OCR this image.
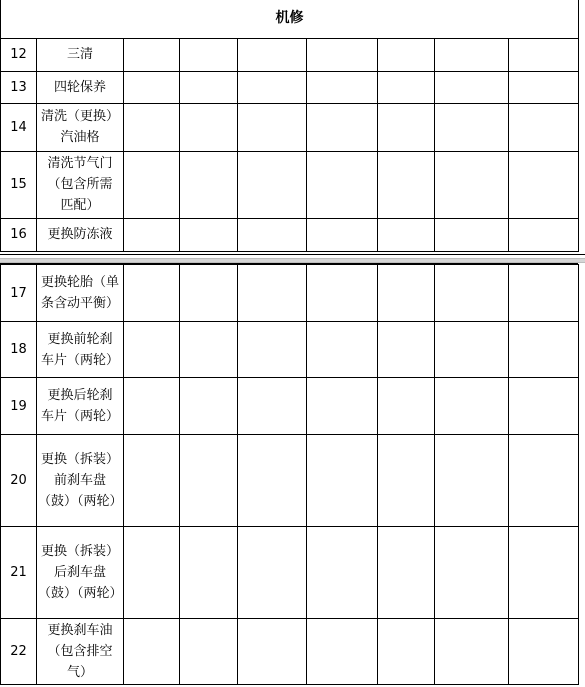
机修								
12	三清							

13	四轮保养							

14	清洗（更换）
汽油格							

15	清洗节气门
（包含所需
匹配）							

16	更换防冻液							

17	更换轮胎（单
条含动平衡）							

18	更换前轮刹
车片（两轮）							

19	更换后轮刹
车片（两轮）							

20	更换（拆装）
前刹车盘
（鼓）（两轮）							

21	更换（拆装）
后刹车盘
（鼓）（两轮）							

22	更换刹车油
（包含排空
气）							
